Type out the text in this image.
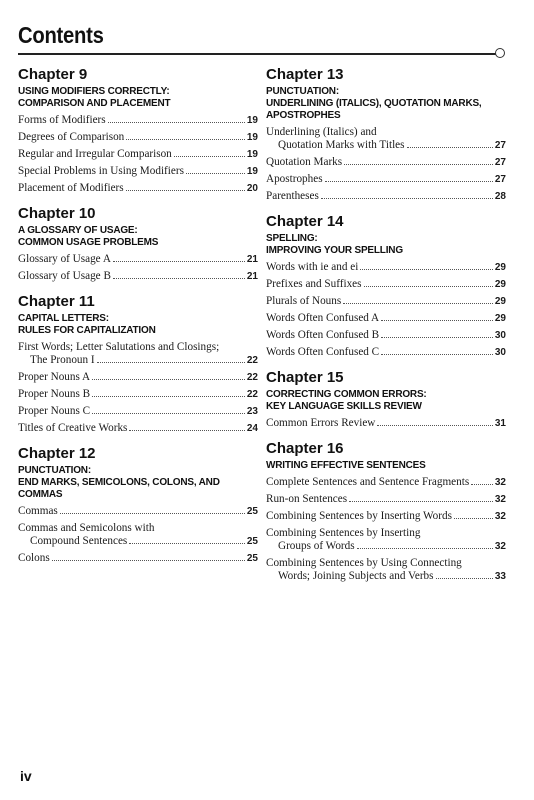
Contents
Chapter 9
USING MODIFIERS CORRECTLY:
COMPARISON AND PLACEMENT
Forms of Modifiers	19
Degrees of Comparison	19
Regular and Irregular Comparison	19
Special Problems in Using Modifiers	19
Placement of Modifiers	20
Chapter 10
A GLOSSARY OF USAGE:
COMMON USAGE PROBLEMS
Glossary of Usage A	21
Glossary of Usage B	21
Chapter 11
CAPITAL LETTERS:
RULES FOR CAPITALIZATION
First Words; Letter Salutations and Closings;
The Pronoun I	22
Proper Nouns A	22
Proper Nouns B	22
Proper Nouns C	23
Titles of Creative Works	24
Chapter 12
PUNCTUATION:
END MARKS, SEMICOLONS, COLONS, AND COMMAS
Commas	25
Commas and Semicolons with
Compound Sentences	25
Colons	25
Chapter 13
PUNCTUATION:
UNDERLINING (ITALICS), QUOTATION MARKS,
APOSTROPHES
Underlining (Italics) and
Quotation Marks with Titles	27
Quotation Marks	27
Apostrophes	27
Parentheses	28
Chapter 14
SPELLING:
IMPROVING YOUR SPELLING
Words with ie and ei	29
Prefixes and Suffixes	29
Plurals of Nouns	29
Words Often Confused A	29
Words Often Confused B	30
Words Often Confused C	30
Chapter 15
CORRECTING COMMON ERRORS:
KEY LANGUAGE SKILLS REVIEW
Common Errors Review	31
Chapter 16
WRITING EFFECTIVE SENTENCES
Complete Sentences and Sentence Fragments	32
Run-on Sentences	32
Combining Sentences by Inserting Words	32
Combining Sentences by Inserting
Groups of Words	32
Combining Sentences by Using Connecting
Words; Joining Subjects and Verbs	33
iv
